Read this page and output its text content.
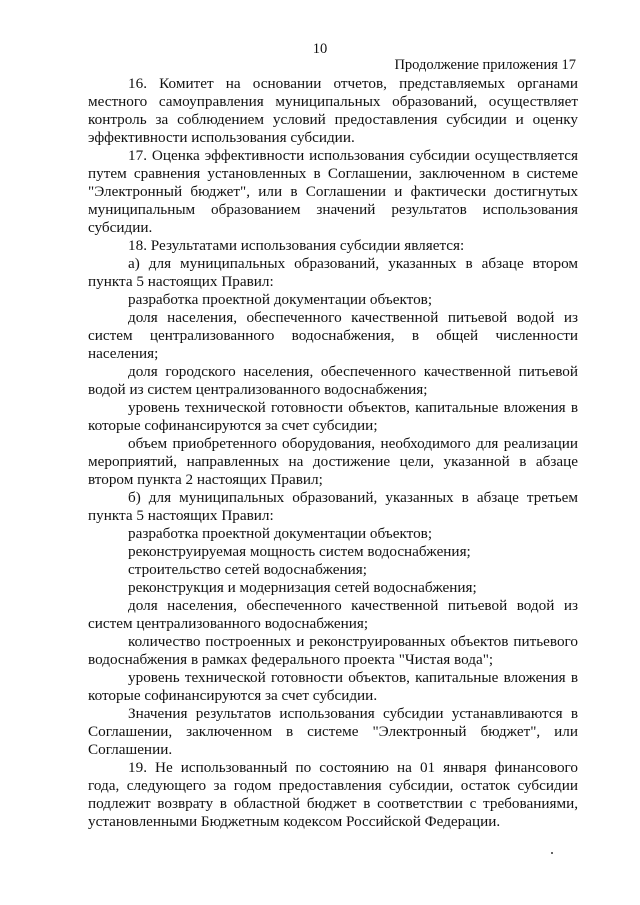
10
Продолжение приложения 17

16. Комитет на основании отчетов, представляемых органами местного самоуправления муниципальных образований, осуществляет контроль за соблюдением условий предоставления субсидии и оценку эффективности использования субсидии.

17. Оценка эффективности использования субсидии осуществляется путем сравнения установленных в Соглашении, заключенном в системе "Электронный бюджет", или в Соглашении и фактически достигнутых муниципальным образованием значений результатов использования субсидии.

18. Результатами использования субсидии является:

а) для муниципальных образований, указанных в абзаце втором пункта 5 настоящих Правил:

разработка проектной документации объектов;

доля населения, обеспеченного качественной питьевой водой из систем централизованного водоснабжения, в общей численности населения;

доля городского населения, обеспеченного качественной питьевой водой из систем централизованного водоснабжения;

уровень технической готовности объектов, капитальные вложения в которые софинансируются за счет субсидии;

объем приобретенного оборудования, необходимого для реализации мероприятий, направленных на достижение цели, указанной в абзаце втором пункта 2 настоящих Правил;

б) для муниципальных образований, указанных в абзаце третьем пункта 5 настоящих Правил:

разработка проектной документации объектов;

реконструируемая мощность систем водоснабжения;

строительство сетей водоснабжения;

реконструкция и модернизация сетей водоснабжения;

доля населения, обеспеченного качественной питьевой водой из систем централизованного водоснабжения;

количество построенных и реконструированных объектов питьевого водоснабжения в рамках федерального проекта "Чистая вода";

уровень технической готовности объектов, капитальные вложения в которые софинансируются за счет субсидии.

Значения результатов использования субсидии устанавливаются в Соглашении, заключенном в системе "Электронный бюджет", или Соглашении.

19. Не использованный по состоянию на 01 января финансового года, следующего за годом предоставления субсидии, остаток субсидии подлежит возврату в областной бюджет в соответствии с требованиями, установленными Бюджетным кодексом Российской Федерации.
